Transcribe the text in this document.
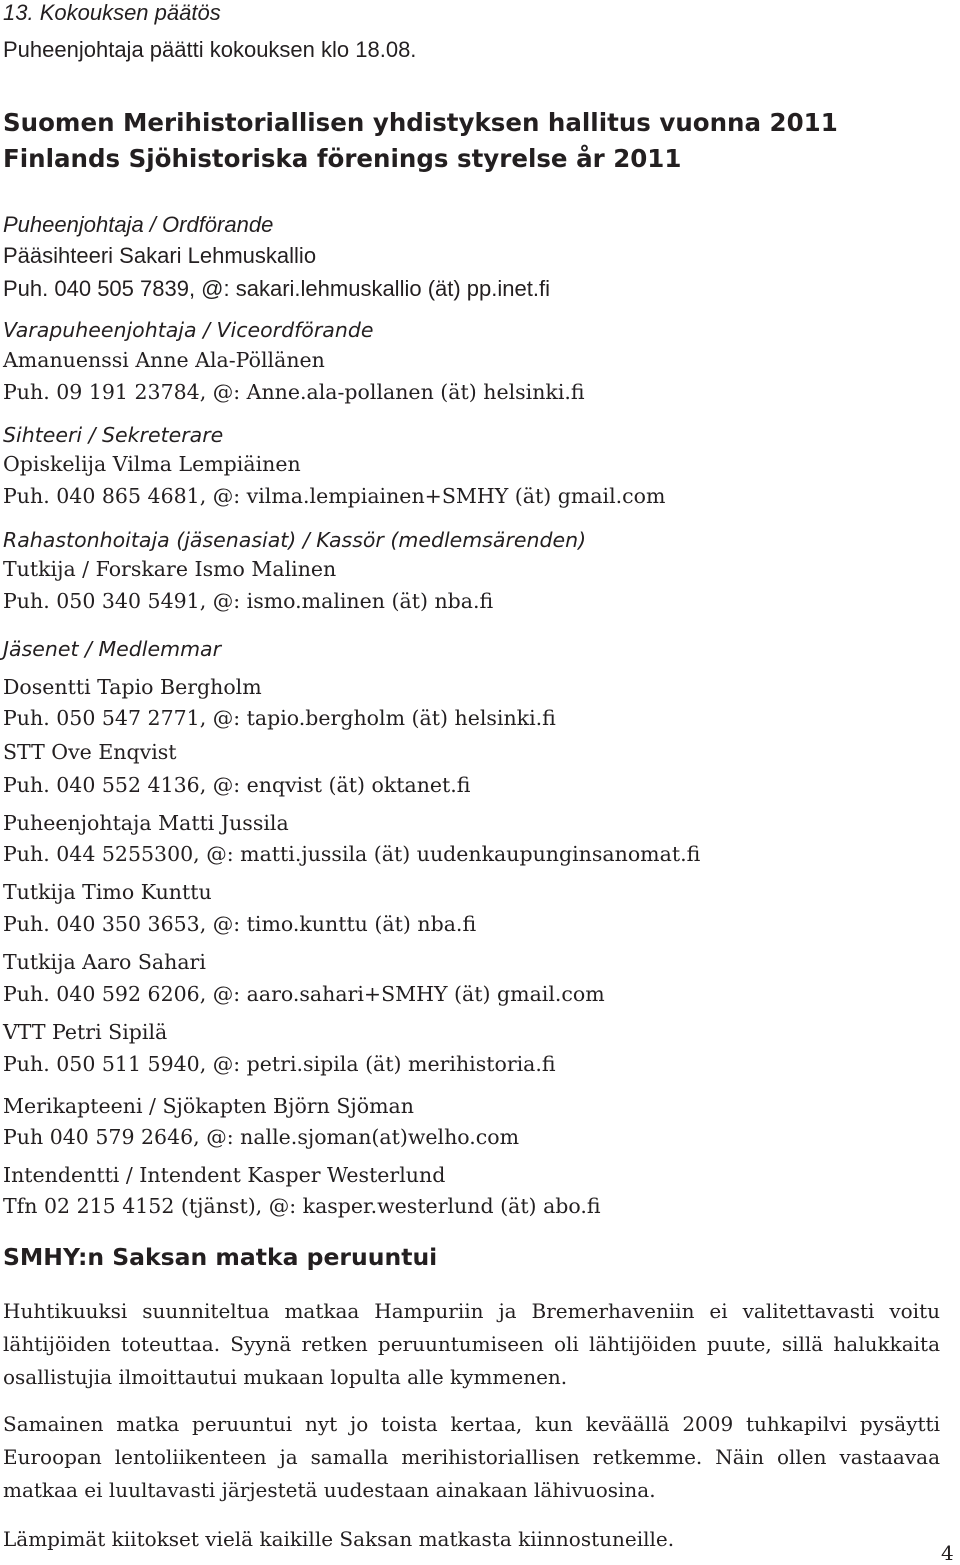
13. Kokouksen päätös

Puheenjohtaja päätti kokouksen klo 18.08.

Suomen Merihistoriallisen yhdistyksen hallitus vuonna 2011

Finlands Sjöhistoriska förenings styrelse år 2011

Puheenjohtaja / Ordförande

Pääsihteeri Sakari Lehmuskallio

Puh. 040 505 7839, @: sakari.lehmuskallio (ät) pp.inet.fi

Varapuheenjohtaja / Viceordförande

Amanuenssi Anne Ala-Pöllänen

Puh. 09 191 23784, @: Anne.ala-pollanen (ät) helsinki.fi

Sihteeri / Sekreterare

Opiskelija Vilma Lempiäinen

Puh. 040 865 4681, @: vilma.lempiainen+SMHY (ät) gmail.com

Rahastonhoitaja (jäsenasiat) / Kassör (medlemsärenden)

Tutkija / Forskare Ismo Malinen

Puh. 050 340 5491, @: ismo.malinen (ät) nba.fi

Jäsenet / Medlemmar

Dosentti Tapio Bergholm

Puh. 050 547 2771, @: tapio.bergholm (ät) helsinki.fi

STT Ove Enqvist

Puh. 040 552 4136, @: enqvist (ät) oktanet.fi

Puheenjohtaja Matti Jussila

Puh. 044 5255300, @: matti.jussila (ät) uudenkaupunginsanomat.fi

Tutkija Timo Kunttu

Puh. 040 350 3653, @: timo.kunttu (ät) nba.fi

Tutkija Aaro Sahari

Puh. 040 592 6206, @: aaro.sahari+SMHY (ät) gmail.com

VTT Petri Sipilä

Puh. 050 511 5940, @: petri.sipila (ät) merihistoria.fi

Merikapteeni / Sjökapten Björn Sjöman

Puh 040 579 2646, @: nalle.sjoman(at)welho.com

Intendentti / Intendent Kasper Westerlund

Tfn 02 215 4152 (tjänst), @: kasper.westerlund (ät) abo.fi

SMHY:n Saksan matka peruuntui

Huhtikuuksi suunniteltua matkaa Hampuriin ja Bremerhaveniin ei valitettavasti voitu lähtijöiden toteuttaa. Syynä retken peruuntumiseen oli lähtijöiden puute, sillä halukkaita osallistujia ilmoittautui mukaan lopulta alle kymmenen.

Samainen matka peruuntui nyt jo toista kertaa, kun keväällä 2009 tuhkapilvi pysäytti Euroopan lentoliikenteen ja samalla merihistoriallisen retkemme. Näin ollen vastaavaa matkaa ei luultavasti järjestetä uudestaan ainakaan lähivuosina.

Lämpimät kiitokset vielä kaikille Saksan matkasta kiinnostuneille.

4
